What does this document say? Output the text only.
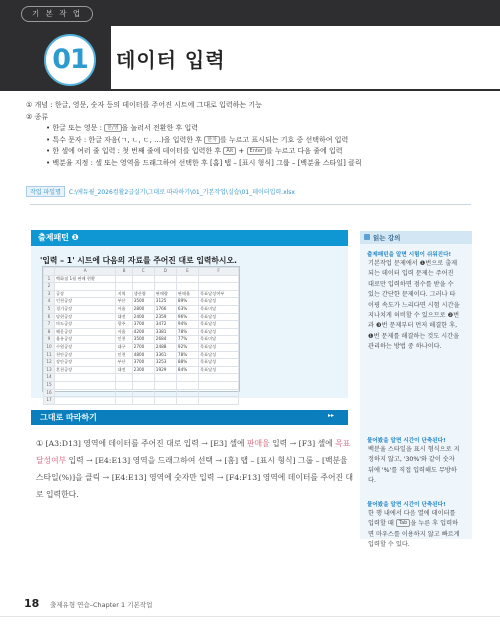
기 본 작 업
01	데이터 입력
① 개념 : 한글, 영문, 숫자 등의 데이터를 주어진 시트에 그대로 입력하는 기능
② 종류
• 한글 또는 영문 : 한/영 을 눌러서 전환한 후 입력
• 특수 문자 : 한글 자음(ㄱ, ㄴ, ㄷ, …)을 입력한 후 한자 를 누르고 표시되는 기호 중 선택하여 입력
• 한 셀에 여러 줄 입력 : 첫 번째 줄에 데이터를 입력한 후 Alt + Enter 를 누르고 다음 줄에 입력
• 백분율 지정 : 셀 또는 영역을 드래그하여 선택한 후 [홈] 탭 – [표시 형식] 그룹 – [백분율 스타일] 클릭
작업 파일명 C:\에듀윌_2026컴활2급실기\그대로 따라하기\01_기본작업\실습\01_데이터입력.xlsx
출제패턴 ❶
'입력 – 1' 시트에 다음의 자료를 주어진 대로 입력하시오.
	A	B	C	D	E	F
1	백화점 1월 판매 현황					
2						
3	공장	지역	생산량	판매량	판매율	목표달성여부
4	인천공장	부산	3500	3125	89%	목표달성
5	경기공장	서울	2800	1766	63%	목표미달
6	당현공장	대전	2400	2359	96%	목표달성
7	마도공장	광주	3700	3472	94%	목표달성
8	해운공장	서울	4200	3381	78%	목표달성
9	울릉공장	인천	3500	2684	77%	목표미달
10	수원공장	대구	2700	2488	92%	목표달성
11	천안공장	인천	4800	3361	78%	목표달성
12	장안공장	부산	3700	3253	88%	목표달성
13	혼천공장	대전	2300	1929	84%	목표달성
14						
15						
16						
17						
그대로 따라하기	▸▸
① [A3:D13] 영역에 데이터를 주어진 대로 입력 → [E3] 셀에 판매율 입력 → [F3] 셀에 목표 달성여부 입력 → [E4:E13] 영역을 드래그하여 선택 → [홈] 탭 – [표시 형식] 그룹 – [백분율 스타일(%)]을 클릭 → [E4:E13] 영역에 숫자만 입력 → [F4:F13] 영역에 데이터를 주어진 대로 입력한다.
읽는 강의
출제패턴을 알면 시험이 쉬워진다!
기본작업 문제에서 ❶번으로 출제되는 데이터 입력 문제는 주어진 대로만 입력하면 점수를 받을 수 있는 간단한 문제이다. 그러나 타이핑 속도가 느리다면 시험 시간을 지나치게 허비할 수 있으므로 ❷번과 ❸번 문제부터 먼저 해결한 후, ❶번 문제를 해결하는 것도 시간을 관리하는 방법 중 하나이다.
물어봤을 알면 시간이 단축된다!
백분율 스타일을 표시 형식으로 지정하지 않고, '30%'와 같이 숫자 뒤에 '%'를 직접 입력해도 무방하다.
물어봤을 알면 시간이 단축된다!
한 행 내에서 다음 열에 데이터를 입력할 때 Tab 을 누른 후 입력하면 마우스를 이용하지 않고 빠르게 입력할 수 있다.
18 출제유형 연습–Chapter 1 기본작업
